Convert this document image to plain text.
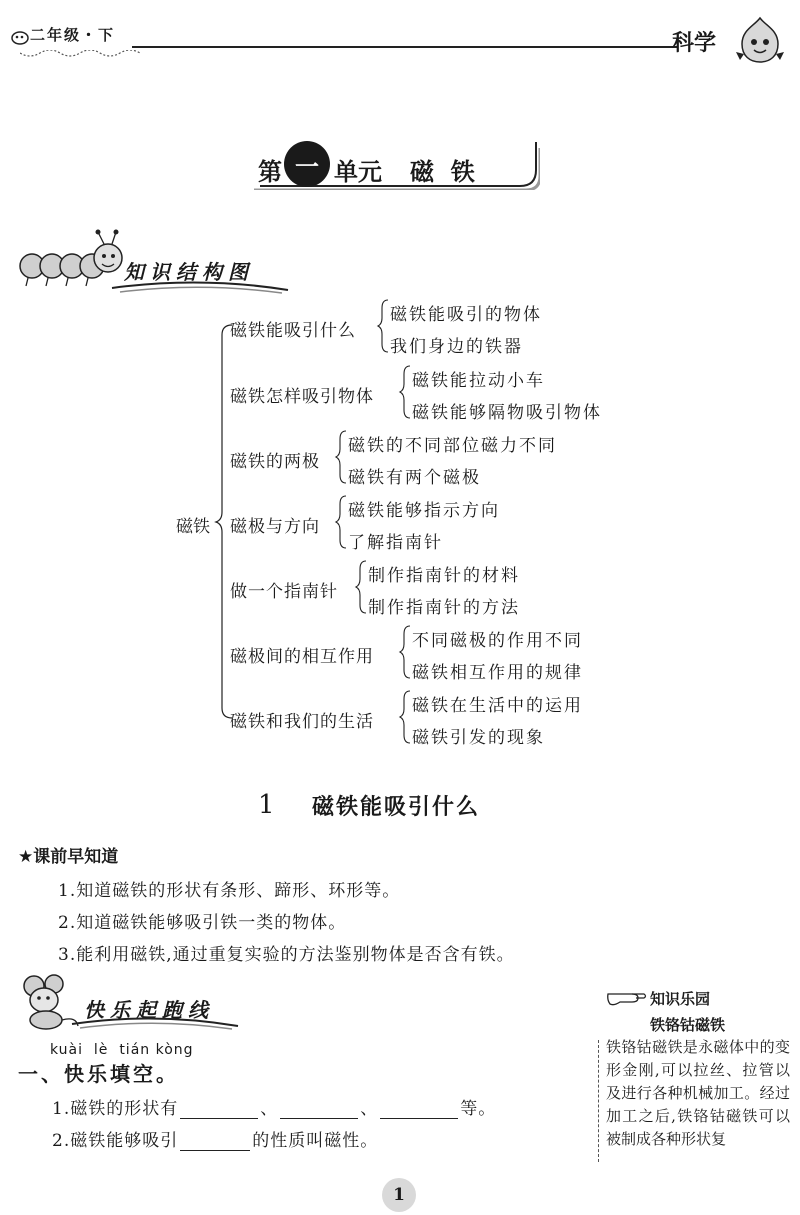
二年级・下	科学
一
第 单元 磁  铁
知识结构图
磁铁
磁铁能吸引什么
磁铁能吸引的物体
我们身边的铁器
磁铁怎样吸引物体
磁铁能拉动小车
磁铁能够隔物吸引物体
磁铁的两极
磁铁的不同部位磁力不同
磁铁有两个磁极
磁极与方向
磁铁能够指示方向
了解指南针
做一个指南针
制作指南针的材料
制作指南针的方法
磁极间的相互作用
不同磁极的作用不同
磁铁相互作用的规律
磁铁和我们的生活
磁铁在生活中的运用
磁铁引发的现象
1 磁铁能吸引什么
★课前早知道
1.知道磁铁的形状有条形、蹄形、环形等。
2.知道磁铁能够吸引铁一类的物体。
3.能利用磁铁,通过重复实验的方法鉴别物体是否含有铁。
快乐起跑线
kuài  lè  tián kòng
一、快乐填空。
1.磁铁的形状有	、	、	等。
2.磁铁能够吸引	的性质叫磁性。
知识乐园
铁铬钴磁铁
铁铬钴磁铁是永磁体中的变形金刚,可以拉丝、拉管以及进行各种机械加工。经过加工之后,铁铬钴磁铁可以被制成各种形状复
1
